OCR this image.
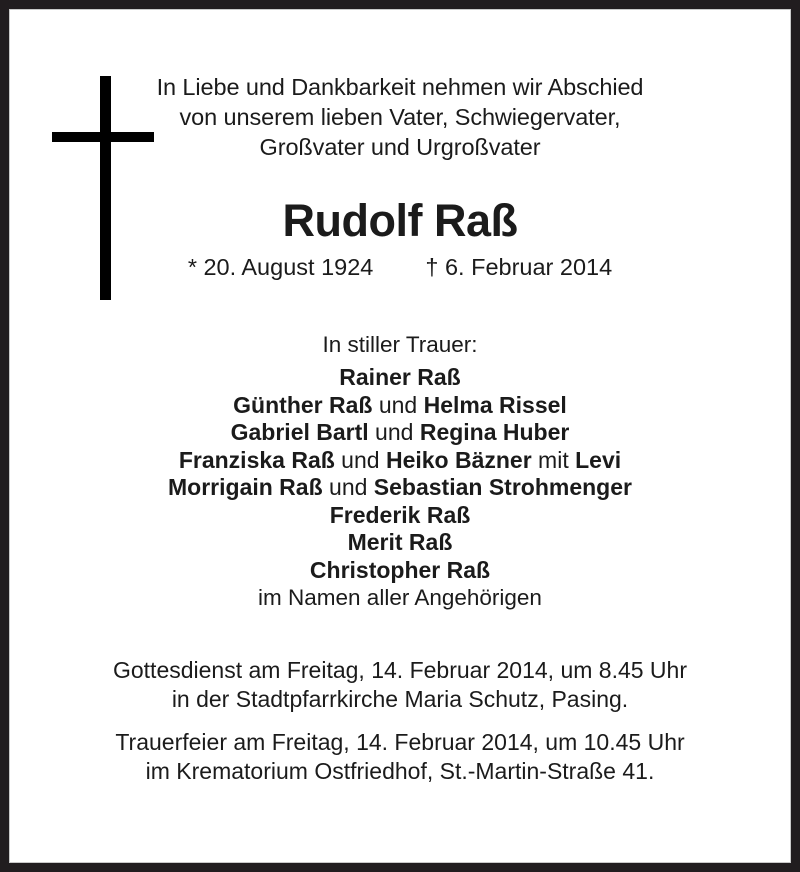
In Liebe und Dankbarkeit nehmen wir Abschied
von unserem lieben Vater, Schwiegervater,
Großvater und Urgroßvater
Rudolf Raß
* 20. August 1924 † 6. Februar 2014
In stiller Trauer:
Rainer Raß
Günther Raß und Helma Rissel
Gabriel Bartl und Regina Huber
Franziska Raß und Heiko Bäzner mit Levi
Morrigain Raß und Sebastian Strohmenger
Frederik Raß
Merit Raß
Christopher Raß
im Namen aller Angehörigen
Gottesdienst am Freitag, 14. Februar 2014, um 8.45 Uhr
in der Stadtpfarrkirche Maria Schutz, Pasing.
Trauerfeier am Freitag, 14. Februar 2014, um 10.45 Uhr
im Krematorium Ostfriedhof, St.-Martin-Straße 41.
